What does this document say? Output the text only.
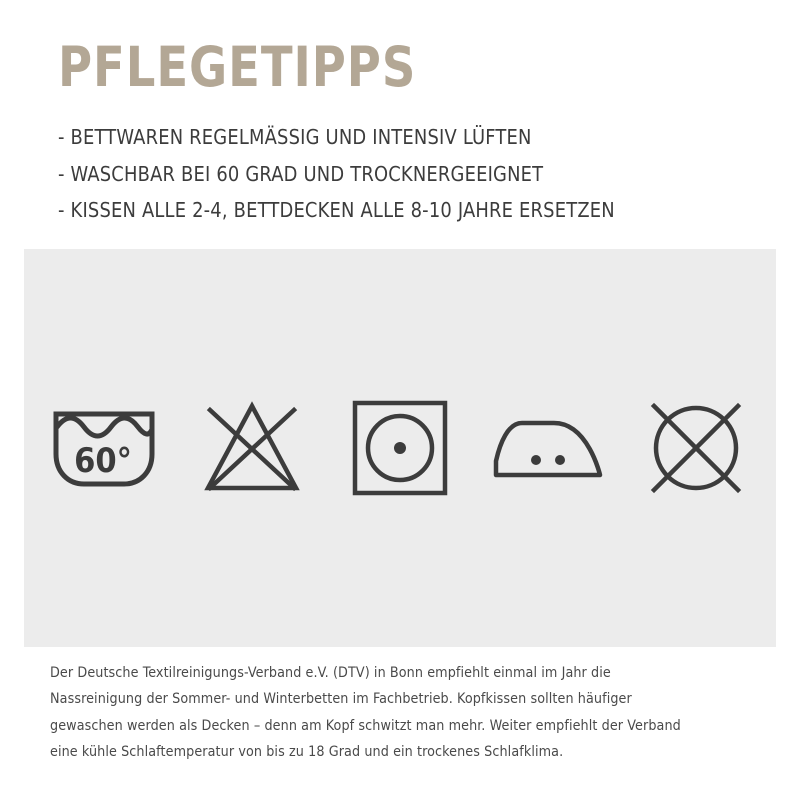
PFLEGETIPPS
- BETTWAREN REGELMÄSSIG UND INTENSIV LÜFTEN
- WASCHBAR BEI 60 GRAD UND TROCKNERGEEIGNET
- KISSEN ALLE 2-4, BETTDECKEN ALLE 8-10 JAHRE ERSETZEN
60°

Der Deutsche Textilreinigungs-Verband e.V. (DTV) in Bonn empfiehlt einmal im Jahr die Nassreinigung der Sommer- und Winterbetten im Fachbetrieb. Kopfkissen sollten häufiger gewaschen werden als Decken – denn am Kopf schwitzt man mehr. Weiter empfiehlt der Verband eine kühle Schlaftemperatur von bis zu 18 Grad und ein trockenes Schlafklima.
